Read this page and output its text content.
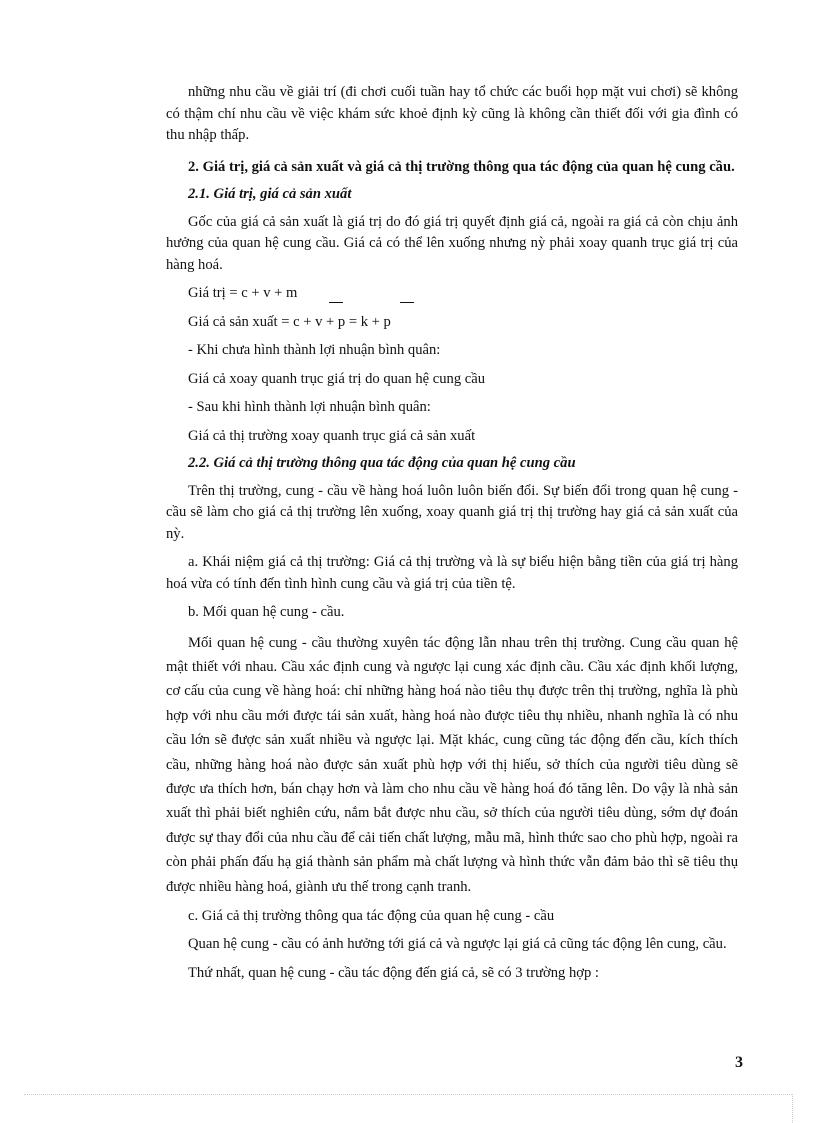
những nhu cầu về giải trí (đi chơi cuối tuần hay tổ chức các buổi họp mặt vui chơi) sẽ không có thậm chí nhu cầu về việc khám sức khoẻ định kỳ cũng là không cần thiết đối với gia đình có thu nhập thấp.

2. Giá trị, giá cả sản xuất và giá cả thị trường thông qua tác động của quan hệ cung cầu.

2.1. Giá trị, giá cả sản xuất

Gốc của giá cả sản xuất là giá trị do đó giá trị quyết định giá cả, ngoài ra giá cả còn chịu ảnh hưởng của quan hệ cung cầu. Giá cả có thể lên xuống nhưng nỳ phải xoay quanh trục giá trị của hàng hoá.

Giá trị = c + v + m

Giá cả sản xuất = c + v + p = k + p

- Khi chưa hình thành lợi nhuận bình quân:

Giá cả xoay quanh trục giá trị do quan hệ cung cầu

- Sau khi hình thành lợi nhuận bình quân:

Giá cả thị trường xoay quanh trục giá cả sản xuất

2.2. Giá cả thị trường thông qua tác động của quan hệ cung cầu

Trên thị trường, cung - cầu về hàng hoá luôn luôn biến đổi. Sự biến đổi trong quan hệ cung - cầu sẽ làm cho giá cả thị trường lên xuống, xoay quanh giá trị thị trường hay giá cả sản xuất của nỳ.

a. Khái niệm giá cả thị trường: Giá cả thị trường và là sự biểu hiện bằng tiền của giá trị hàng hoá vừa có tính đến tình hình cung cầu và giá trị của tiền tệ.

b. Mối quan hệ cung - cầu.

Mối quan hệ cung - cầu thường xuyên tác động lẫn nhau trên thị trường. Cung cầu quan hệ mật thiết với nhau. Cầu xác định cung và ngược lại cung xác định cầu. Cầu xác định khối lượng, cơ cấu của cung về hàng hoá: chỉ những hàng hoá nào tiêu thụ được trên thị trường, nghĩa là phù hợp với nhu cầu mới được tái sản xuất, hàng hoá nào được tiêu thụ nhiều, nhanh nghĩa là có nhu cầu lớn sẽ được sản xuất nhiều và ngược lại. Mặt khác, cung cũng tác động đến cầu, kích thích cầu, những hàng hoá nào được sản xuất phù hợp với thị hiếu, sở thích của người tiêu dùng sẽ được ưa thích hơn, bán chạy hơn và làm cho nhu cầu về hàng hoá đó tăng lên. Do vậy là nhà sản xuất thì phải biết nghiên cứu, nắm bắt được nhu cầu, sở thích của người tiêu dùng, sớm dự đoán được sự thay đổi của nhu cầu để cải tiến chất lượng, mẫu mã, hình thức sao cho phù hợp, ngoài ra còn phải phấn đấu hạ giá thành sản phẩm mà chất lượng và hình thức vẫn đảm bảo thì sẽ tiêu thụ được nhiều hàng hoá, giành ưu thế trong cạnh tranh.

c. Giá cả thị trường thông qua tác động của quan hệ cung - cầu

Quan hệ cung - cầu có ảnh hưởng tới giá cả và ngược lại giá cả cũng tác động lên cung, cầu.

Thứ nhất, quan hệ cung - cầu tác động đến giá cả, sẽ có 3 trường hợp :

3
